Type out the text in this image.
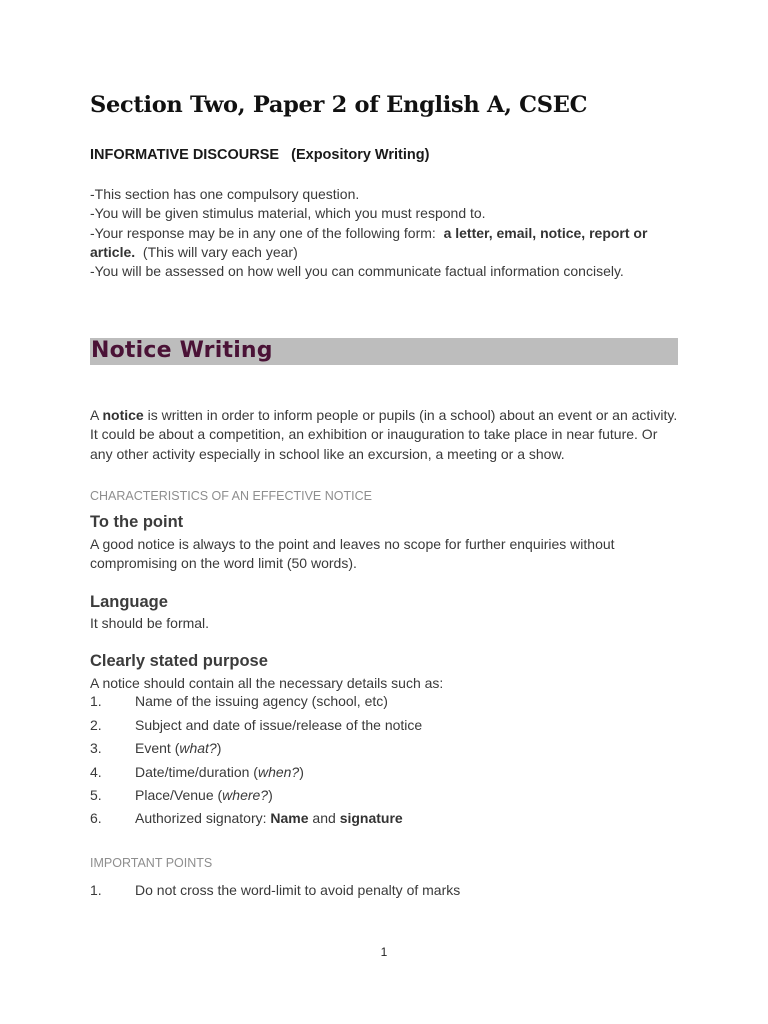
Section Two, Paper 2 of English A, CSEC

INFORMATIVE DISCOURSE   (Expository Writing)

-This section has one compulsory question.

-You will be given stimulus material, which you must respond to.

-Your response may be in any one of the following form:  a letter, email, notice, report or article.  (This will vary each year)

-You will be assessed on how well you can communicate factual information concisely.

Notice Writing

A notice is written in order to inform people or pupils (in a school) about an event or an activity. It could be about a competition, an exhibition or inauguration to take place in near future. Or any other activity especially in school like an excursion, a meeting or a show.

CHARACTERISTICS OF AN EFFECTIVE NOTICE

To the point

A good notice is always to the point and leaves no scope for further enquiries without compromising on the word limit (50 words).

Language

It should be formal.

Clearly stated purpose

A notice should contain all the necessary details such as:

1. Name of the issuing agency (school, etc)
2. Subject and date of issue/release of the notice
3. Event (what?)
4. Date/time/duration (when?)
5. Place/Venue (where?)
6. Authorized signatory: Name and signature

IMPORTANT POINTS

1. Do not cross the word-limit to avoid penalty of marks
1
